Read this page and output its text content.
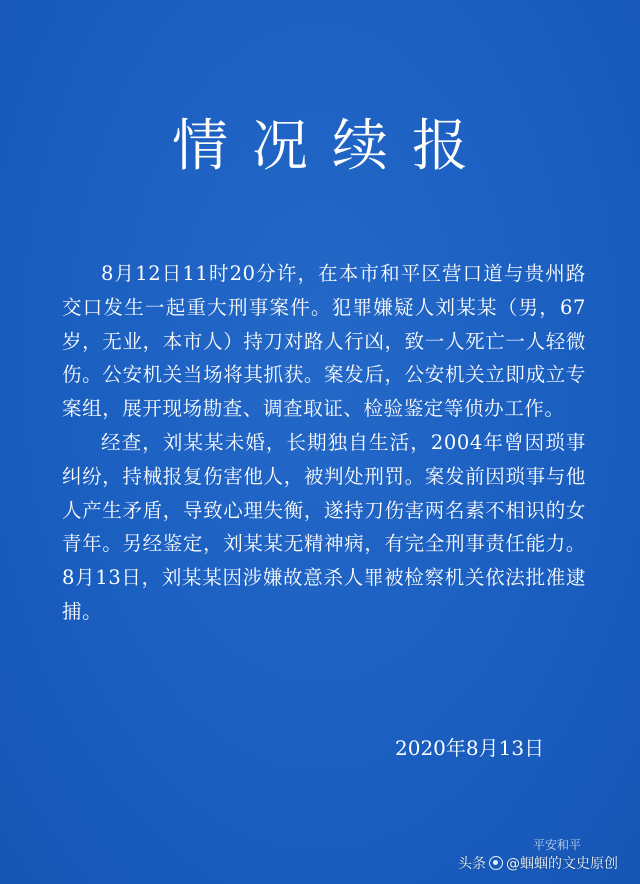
情况续报

8月12日11时20分许，在本市和平区营口道与贵州路交口发生一起重大刑事案件。犯罪嫌疑人刘某某（男，67岁，无业，本市人）持刀对路人行凶，致一人死亡一人轻微伤。公安机关当场将其抓获。案发后，公安机关立即成立专案组，展开现场勘查、调查取证、检验鉴定等侦办工作。

经查，刘某某未婚，长期独自生活，2004年曾因琐事纠纷，持械报复伤害他人，被判处刑罚。案发前因琐事与他人产生矛盾，导致心理失衡，遂持刀伤害两名素不相识的女青年。另经鉴定，刘某某无精神病，有完全刑事责任能力。8月13日，刘某某因涉嫌故意杀人罪被检察机关依法批准逮捕。

2020年8月13日
平安和平
头条 @蝈蝈的文史原创
